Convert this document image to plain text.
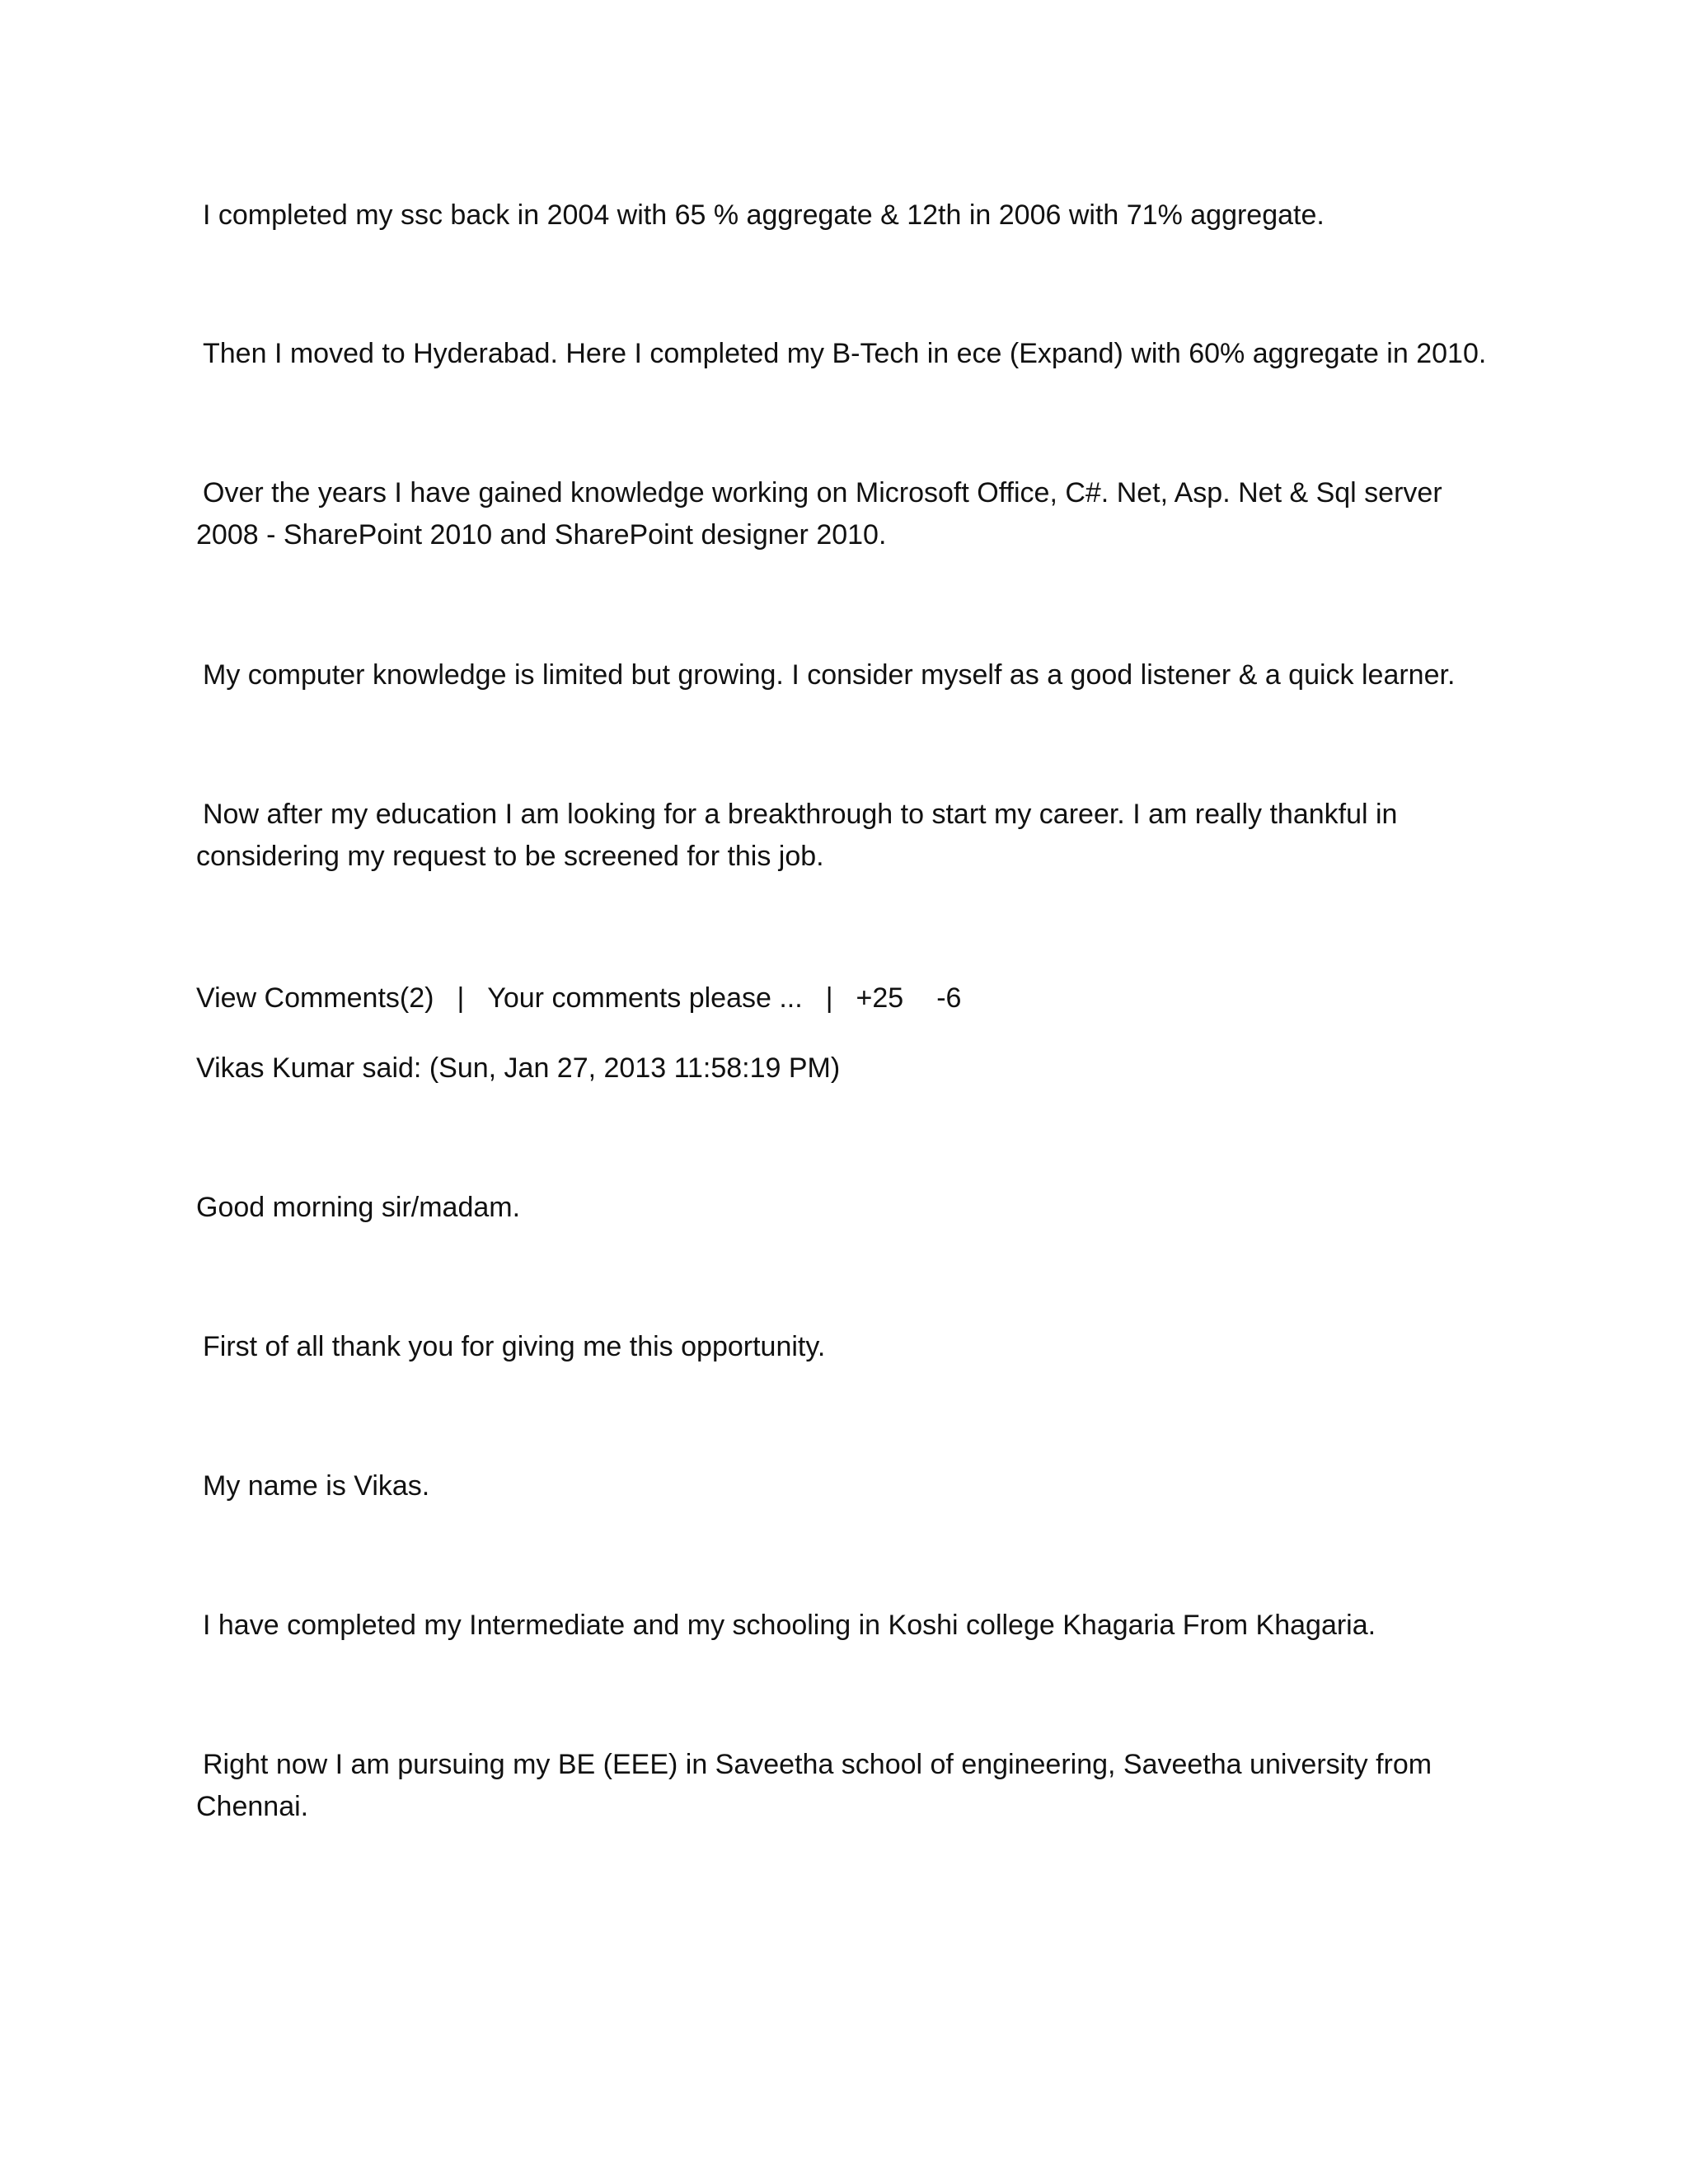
I completed my ssc back in 2004 with 65 % aggregate & 12th in 2006 with 71% aggregate.
Then I moved to Hyderabad. Here I completed my B-Tech in ece (Expand) with 60% aggregate in 2010.
Over the years I have gained knowledge working on Microsoft Office, C#. Net, Asp. Net & Sql server
2008 - SharePoint 2010 and SharePoint designer 2010.
My computer knowledge is limited but growing. I consider myself as a good listener & a quick learner.
Now after my education I am looking for a breakthrough to start my career. I am really thankful in
considering my request to be screened for this job.
View Comments(2) | Your comments please ... | +25 -6
Vikas Kumar said: (Sun, Jan 27, 2013 11:58:19 PM)
Good morning sir/madam.
First of all thank you for giving me this opportunity.
My name is Vikas.
I have completed my Intermediate and my schooling in Koshi college Khagaria From Khagaria.
Right now I am pursuing my BE (EEE) in Saveetha school of engineering, Saveetha university from
Chennai.
